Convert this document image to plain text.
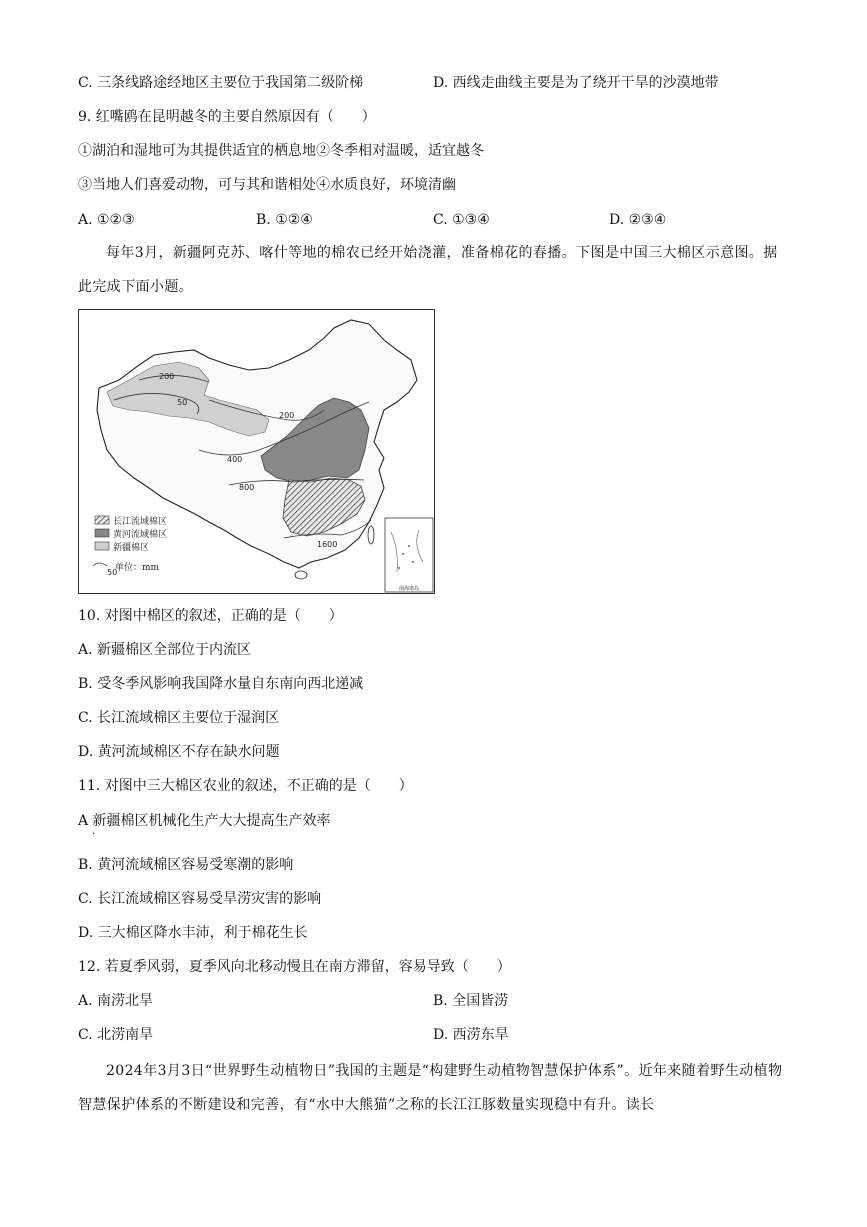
C. 三条线路途经地区主要位于我国第二级阶梯	D. 西线走曲线主要是为了绕开干旱的沙漠地带
9. 红嘴鸥在昆明越冬的主要自然原因有（　　）
①湖泊和湿地可为其提供适宜的栖息地②冬季相对温暖，适宜越冬
③当地人们喜爱动物，可与其和谐相处④水质良好，环境清幽
A. ①②③	B. ①②④	C. ①③④	D. ②③④
每年3月，新疆阿克苏、喀什等地的棉农已经开始浇灌，准备棉花的春播。下图是中国三大棉区示意图。据此完成下面小题。
200
50
200
400
800
1600
长江流域棉区
黄河流域棉区
新疆棉区
50
单位：mm
南海诸岛
10. 对图中棉区的叙述，正确的是（　　）
A. 新疆棉区全部位于内流区
B. 受冬季风影响我国降水量自东南向西北递减
C. 长江流域棉区主要位于湿润区
D. 黄河流域棉区不存在缺水问题
11. 对图中三大棉区农业的叙述，不正确的是（　　）
A 新疆棉区机械化生产大大提高生产效率
·
B. 黄河流域棉区容易受寒潮的影响
C. 长江流域棉区容易受旱涝灾害的影响
D. 三大棉区降水丰沛，利于棉花生长
12. 若夏季风弱，夏季风向北移动慢且在南方滞留，容易导致（　　）
A. 南涝北旱	B. 全国皆涝
C. 北涝南旱	D. 西涝东旱
2024年3月3日“世界野生动植物日”我国的主题是“构建野生动植物智慧保护体系”。近年来随着野生动植物智慧保护体系的不断建设和完善，有“水中大熊猫”之称的长江江豚数量实现稳中有升。读长
